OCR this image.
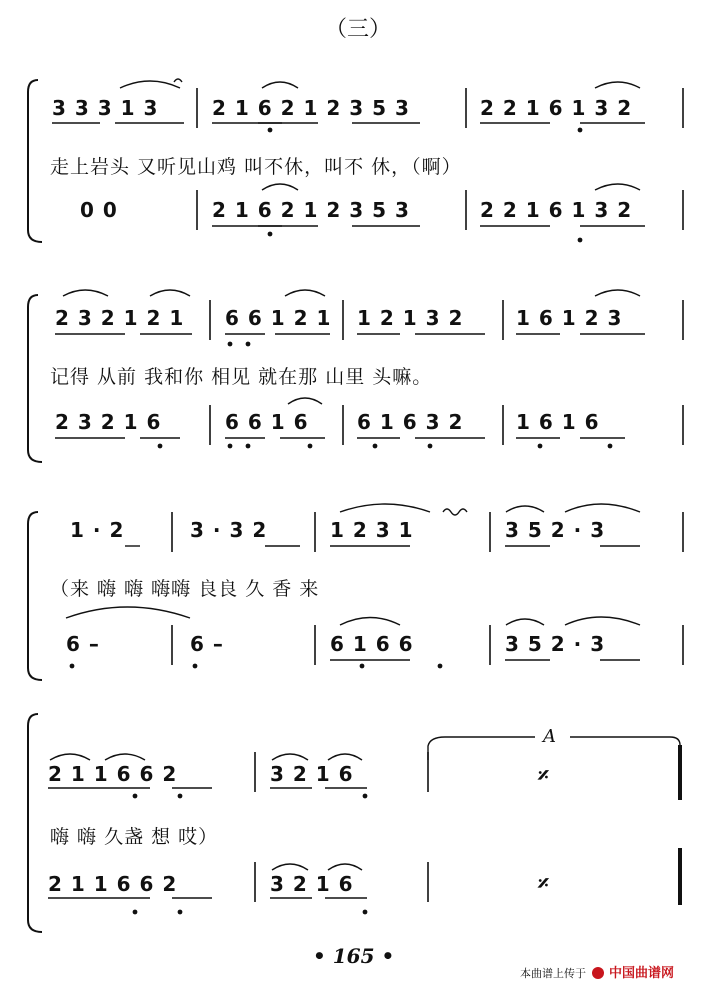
（三）
3 3 3 1 3	2 1 6 2 1 2 3 5 3	2 2 1 6 1 3 2
走上岩头 又听见山鸡 叫不休，叫不 休，（啊）
0 0	2 1 6 2 1 2 3 5 3	2 2 1 6 1 3 2
2 3 2 1 2 1 6 6 1 2 1 1 2 1 3 2	1 6 1 2 3
记得 从前 我和你 相见 就在那 山里 头嘛。
2 3 2 1 6	6 6 1 6 6 1 6 3 2	1 6 1 6
1 · 2	3 · 3 2	1 2 3 1	3 5 2 · 3
（来 嗨 嗨 嗨嗨 良良 久 香 来
6 –	6 –	6 1 6 6	3 5 2 · 3
2 1 1 6 6 2	3 2 1 6
嗨 嗨 久盏 想 哎）
2 1 1 6 6 2	3 2 1 6
A
𝄎
𝄎
• 165 •
本曲谱上传于 中国曲谱网
